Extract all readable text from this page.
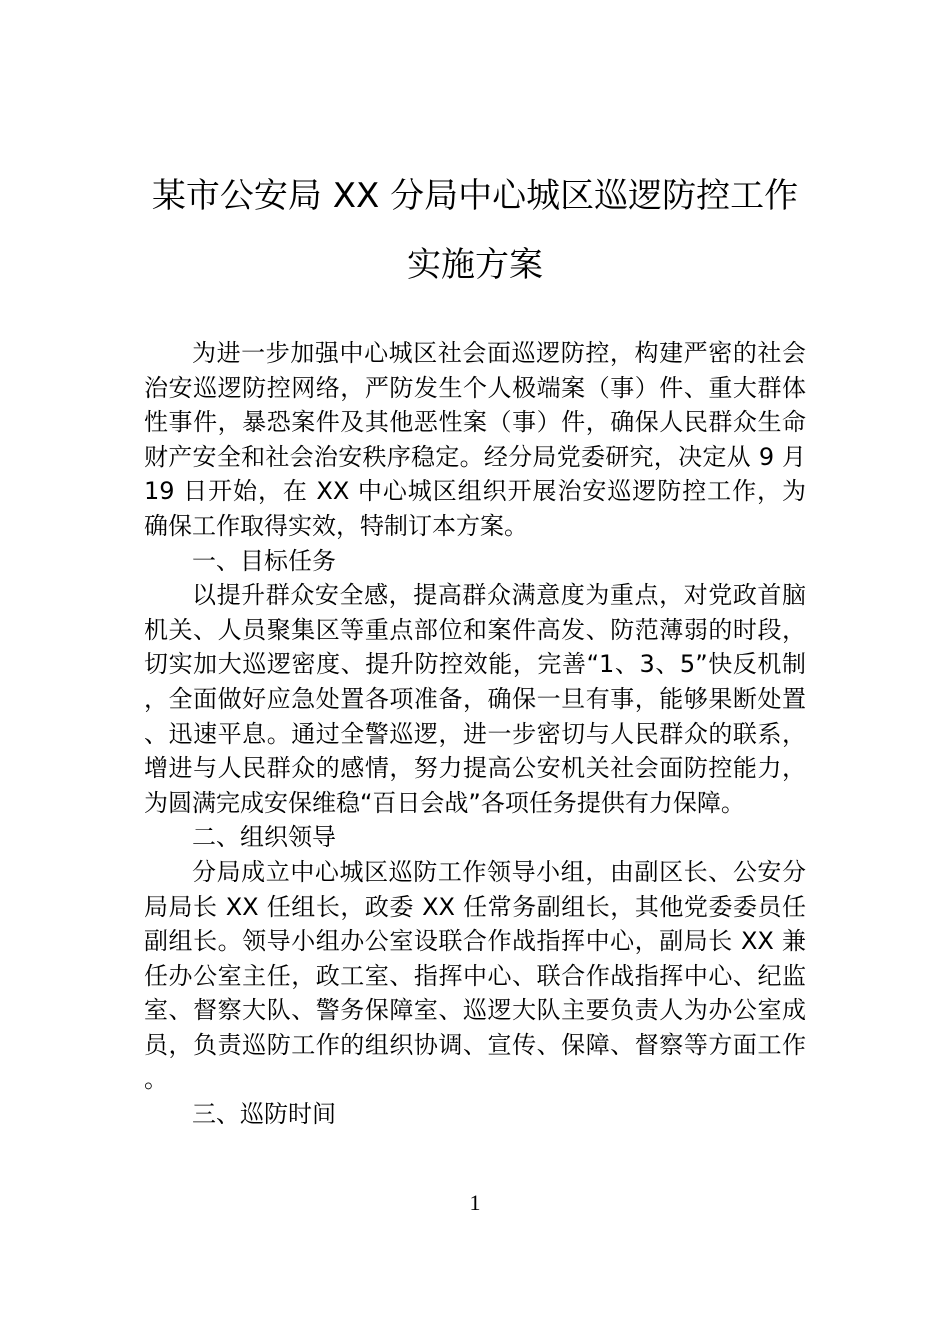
某市公安局 XX 分局中心城区巡逻防控工作
实施方案

为进一步加强中心城区社会面巡逻防控，构建严密的社会治安巡逻防控网络，严防发生个人极端案（事）件、重大群体性事件，暴恐案件及其他恶性案（事）件，确保人民群众生命财产安全和社会治安秩序稳定。经分局党委研究，决定从 9 月 19 日开始，在 XX 中心城区组织开展治安巡逻防控工作，为确保工作取得实效，特制订本方案。

一、目标任务

以提升群众安全感，提高群众满意度为重点，对党政首脑机关、人员聚集区等重点部位和案件高发、防范薄弱的时段，切实加大巡逻密度、提升防控效能，完善“1、3、5”快反机制，全面做好应急处置各项准备，确保一旦有事，能够果断处置、迅速平息。通过全警巡逻，进一步密切与人民群众的联系，增进与人民群众的感情，努力提高公安机关社会面防控能力，为圆满完成安保维稳“百日会战”各项任务提供有力保障。

二、组织领导

分局成立中心城区巡防工作领导小组，由副区长、公安分局局长 XX 任组长，政委 XX 任常务副组长，其他党委委员任副组长。领导小组办公室设联合作战指挥中心，副局长 XX 兼任办公室主任，政工室、指挥中心、联合作战指挥中心、纪监室、督察大队、警务保障室、巡逻大队主要负责人为办公室成员，负责巡防工作的组织协调、宣传、保障、督察等方面工作。

三、巡防时间

1
